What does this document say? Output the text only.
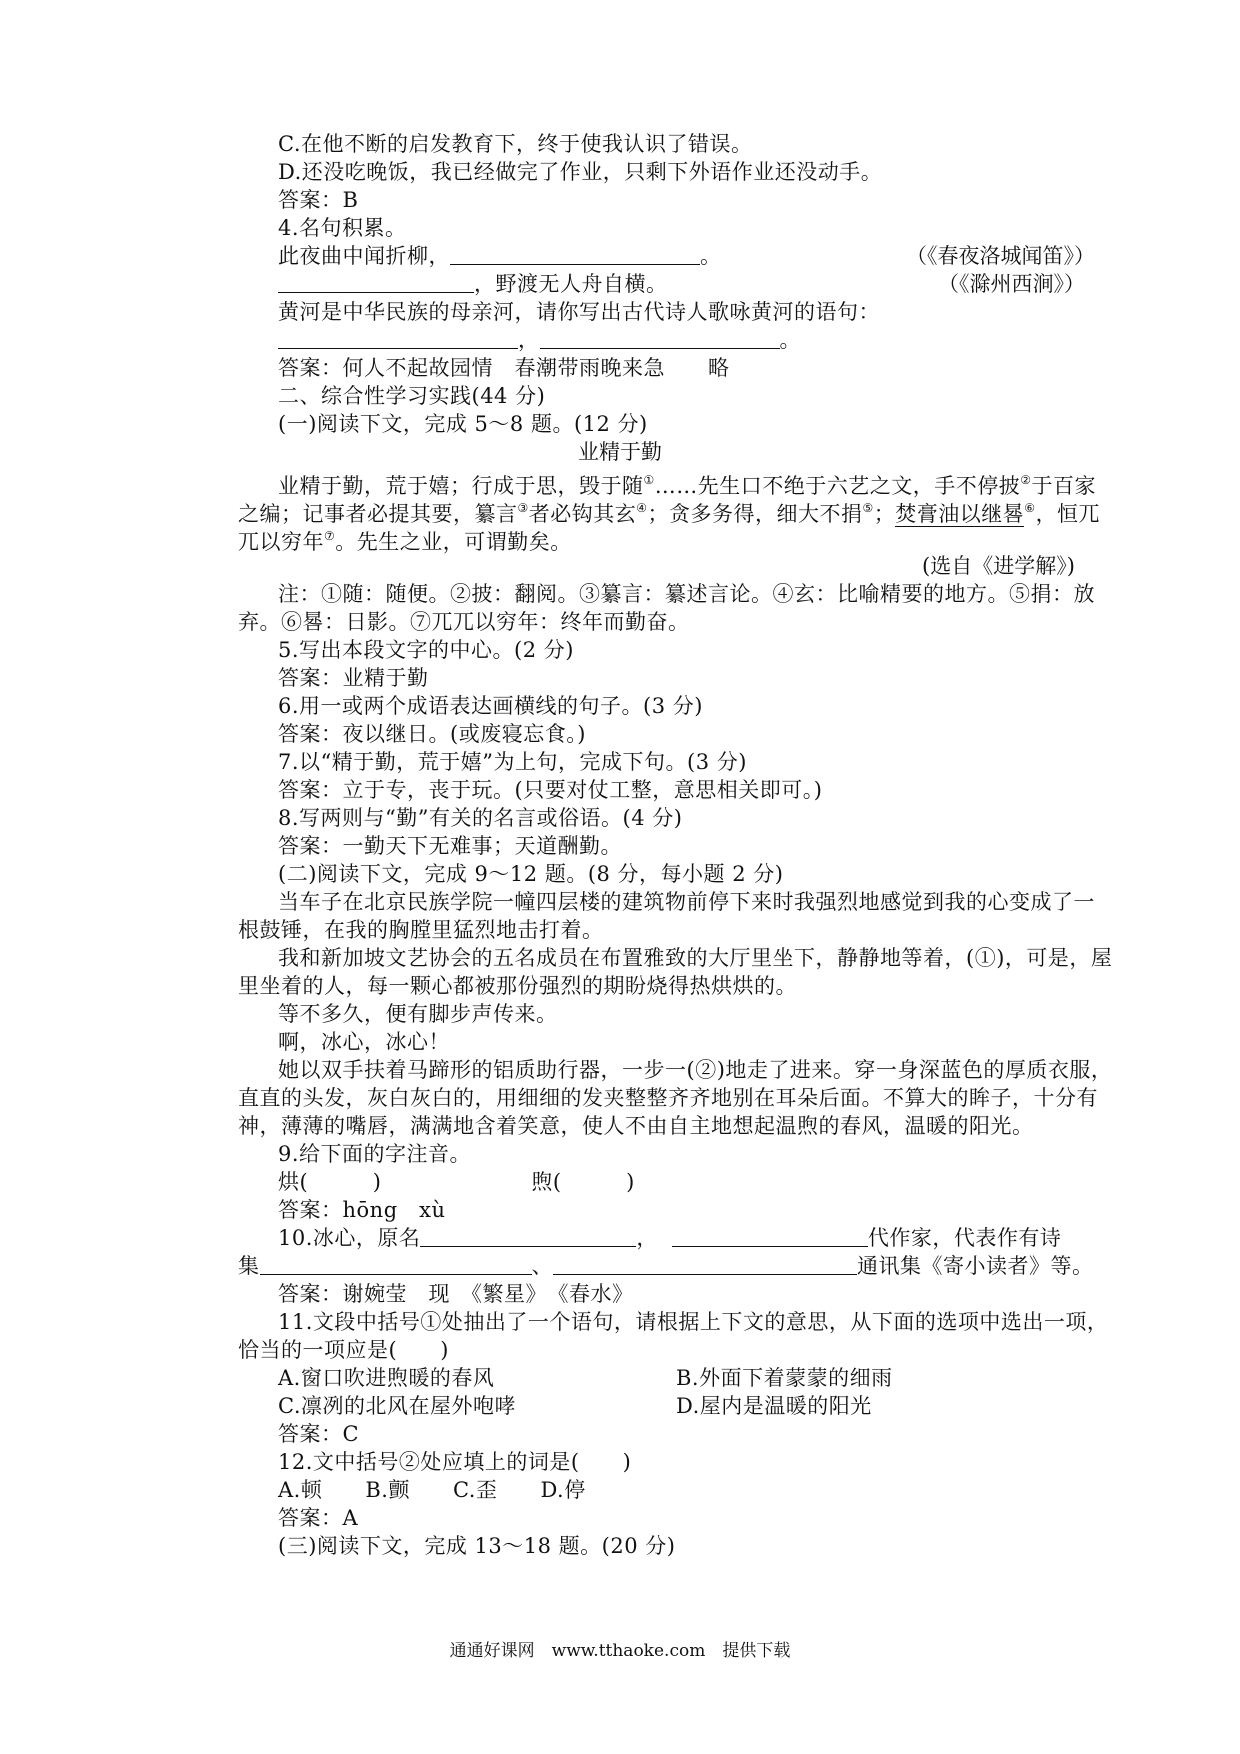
C.在他不断的启发教育下，终于使我认识了错误。
D.还没吃晚饭，我已经做完了作业，只剩下外语作业还没动手。
答案：B
4.名句积累。
此夜曲中闻折柳，	。	（《春夜洛城闻笛》）
，野渡无人舟自横。	（《滁州西涧》）
黄河是中华民族的母亲河，请你写出古代诗人歌咏黄河的语句：
，	。
答案：何人不起故园情　春潮带雨晚来急　　略
二、综合性学习实践(44 分)
(一)阅读下文，完成 5～8 题。(12 分)
业精于勤
业精于勤，荒于嬉；行成于思，毁于随①……先生口不绝于六艺之文，手不停披②于百家
之编；记事者必提其要，纂言③者必钩其玄④；贪多务得，细大不捐⑤；焚膏油以继晷⑥，恒兀
兀以穷年⑦。先生之业，可谓勤矣。
(选自《进学解》)
注：①随：随便。②披：翻阅。③纂言：纂述言论。④玄：比喻精要的地方。⑤捐：放
弃。⑥晷：日影。⑦兀兀以穷年：终年而勤奋。
5.写出本段文字的中心。(2 分)
答案：业精于勤
6.用一或两个成语表达画横线的句子。(3 分)
答案：夜以继日。(或废寝忘食。)
7.以“精于勤，荒于嬉”为上句，完成下句。(3 分)
答案：立于专，丧于玩。(只要对仗工整，意思相关即可。)
8.写两则与“勤”有关的名言或俗语。(4 分)
答案：一勤天下无难事；天道酬勤。
(二)阅读下文，完成 9～12 题。(8 分，每小题 2 分)
当车子在北京民族学院一幢四层楼的建筑物前停下来时我强烈地感觉到我的心变成了一
根鼓锤，在我的胸膛里猛烈地击打着。
我和新加坡文艺协会的五名成员在布置雅致的大厅里坐下，静静地等着，(①)，可是，屋
里坐着的人，每一颗心都被那份强烈的期盼烧得热烘烘的。
等不多久，便有脚步声传来。
啊，冰心，冰心！
她以双手扶着马蹄形的铝质助行器，一步一(②)地走了进来。穿一身深蓝色的厚质衣服，
直直的头发，灰白灰白的，用细细的发夹整整齐齐地别在耳朵后面。不算大的眸子，十分有
神，薄薄的嘴唇，满满地含着笑意，使人不由自主地想起温煦的春风，温暖的阳光。
9.给下面的字注音。
烘(　　　)	煦(　　　)
答案：hōng　xù
10.冰心，原名	，	代作家，代表作有诗
集	、	通讯集《寄小读者》等。
答案：谢婉莹　现　《繁星》　《春水》
11.文段中括号①处抽出了一个语句，请根据上下文的意思，从下面的选项中选出一项，
恰当的一项应是(　　)
A.窗口吹进煦暖的春风	B.外面下着蒙蒙的细雨
C.凛冽的北风在屋外咆哮	D.屋内是温暖的阳光
答案：C
12.文中括号②处应填上的词是(　　)
A.顿　　B.颤　　C.歪　　D.停
答案：A
(三)阅读下文，完成 13～18 题。(20 分)
通通好课网　www.tthaoke.com　提供下载
